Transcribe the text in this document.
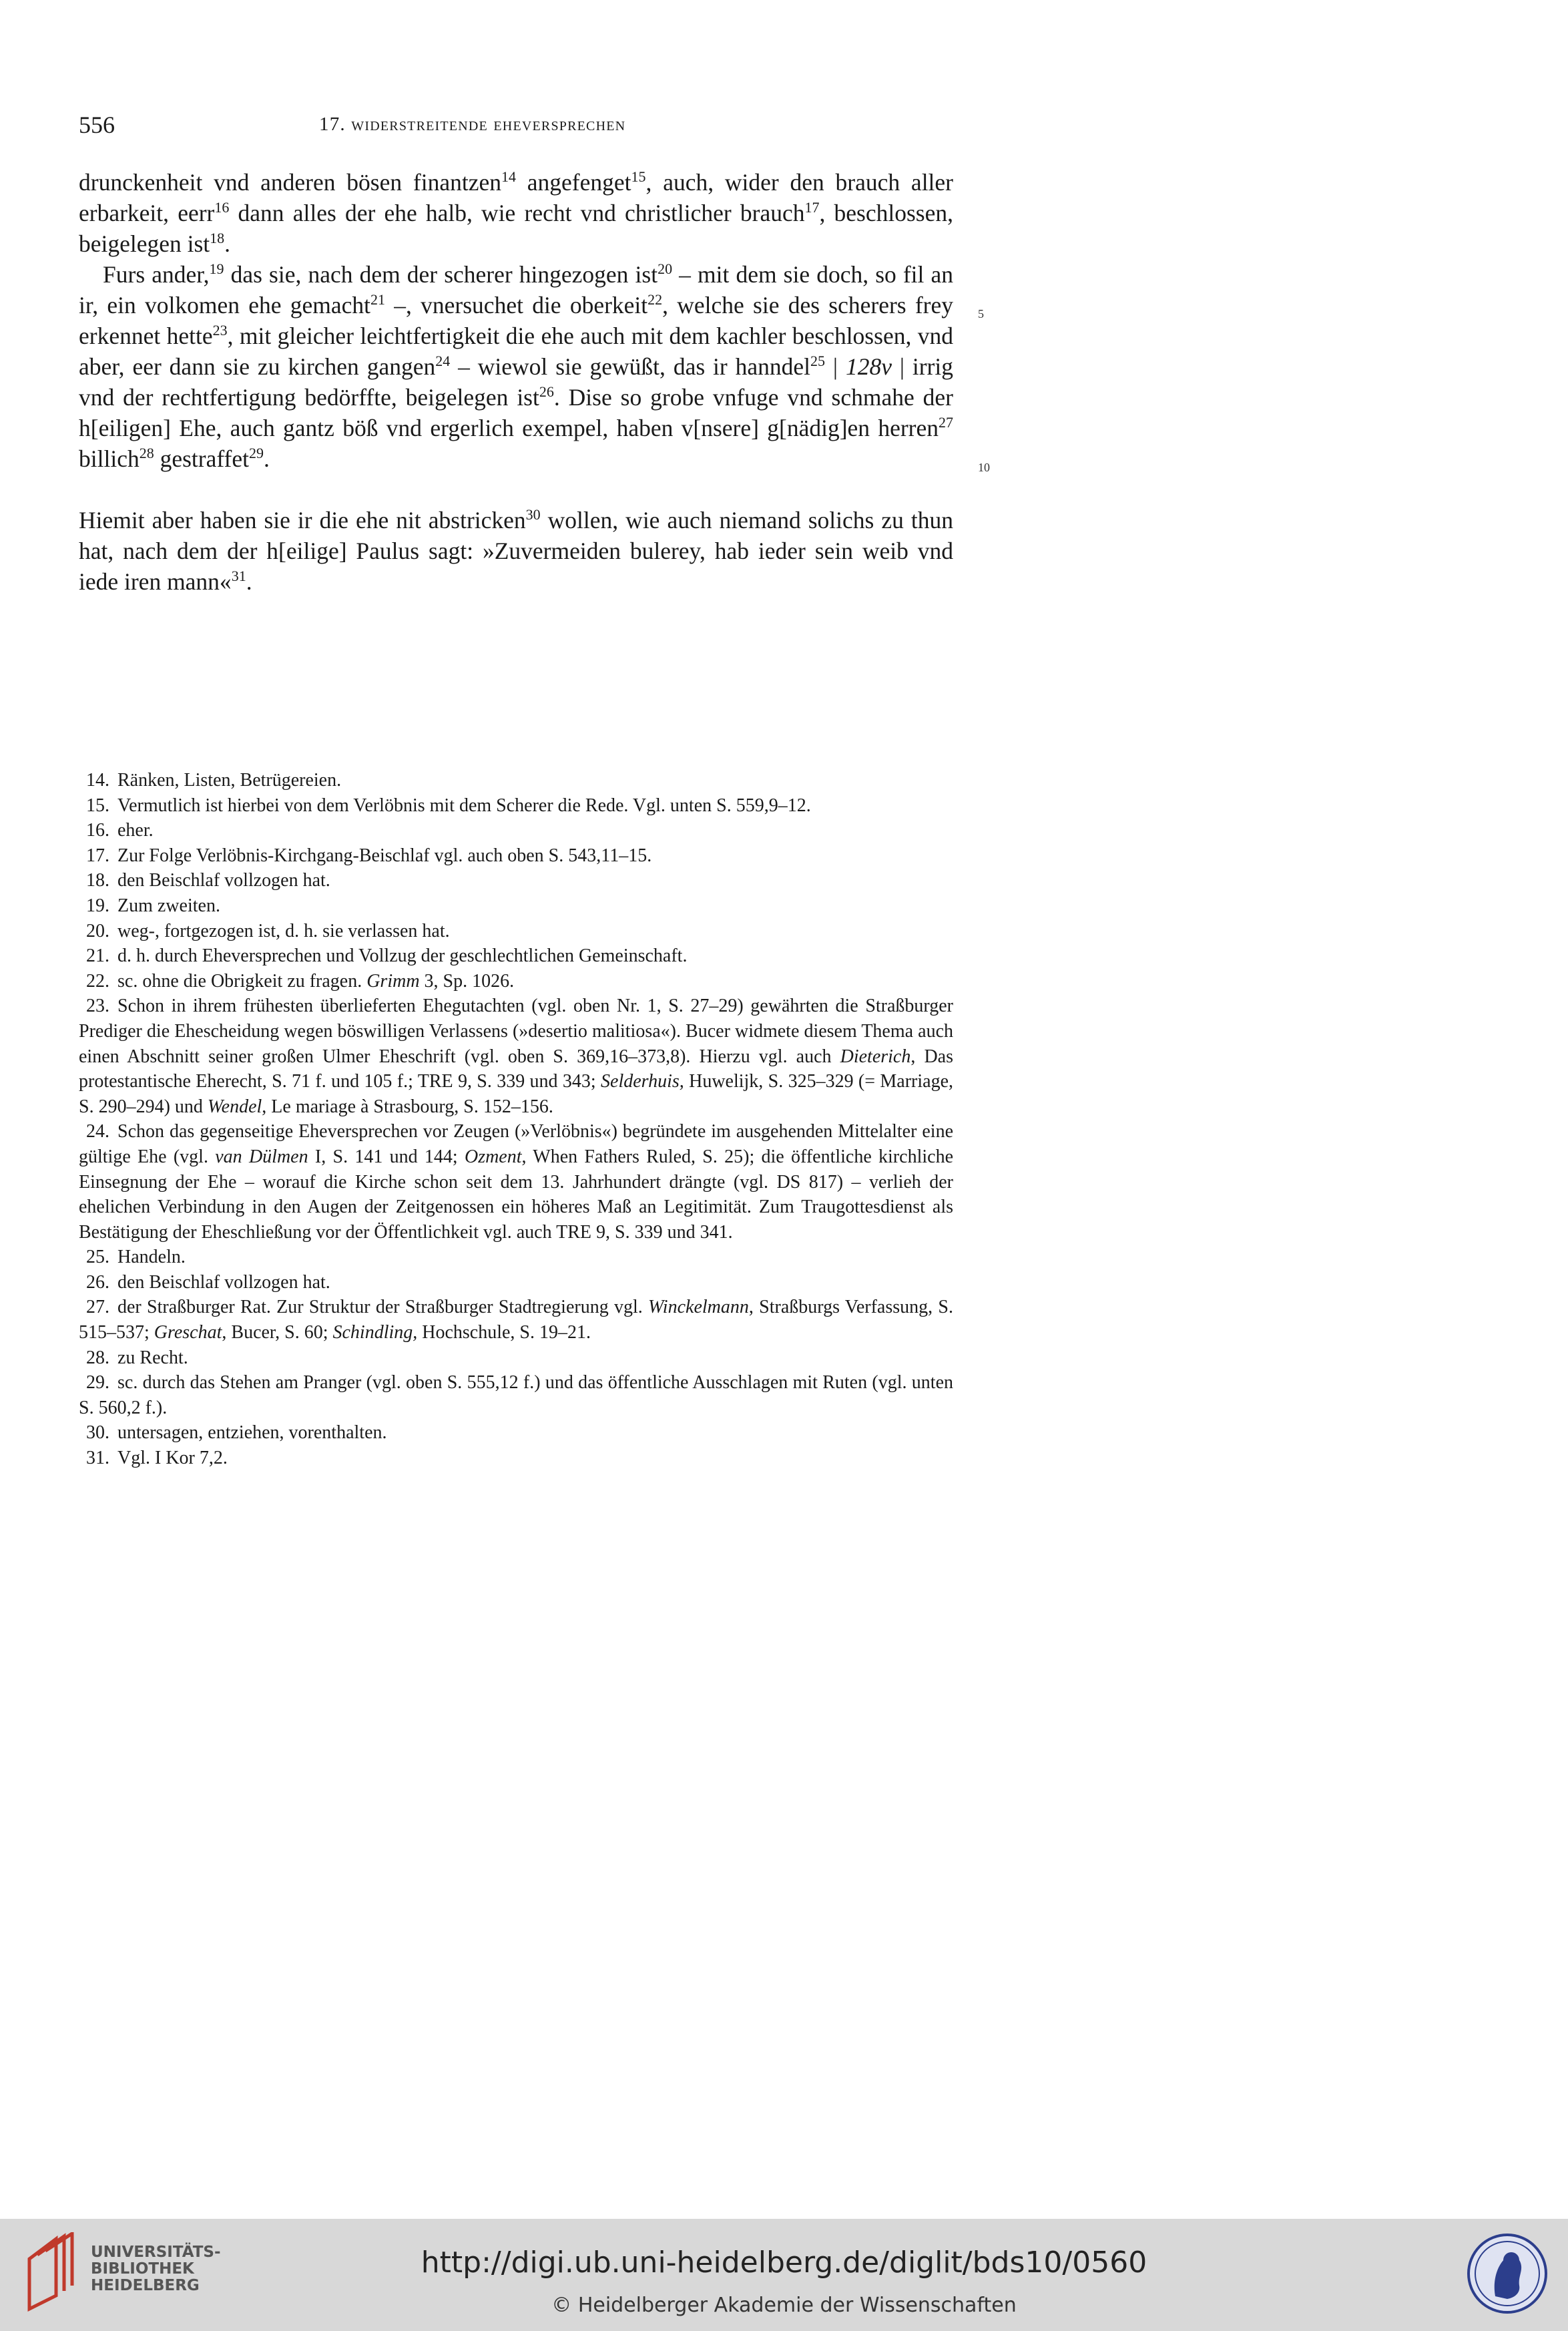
556	17. widerstreitende eheversprechen

drunckenheit vnd anderen bösen finantzen$^{14}$ angefenget$^{15}$, auch, wider den brauch aller erbarkeit, eerr$^{16}$ dann alles der ehe halb, wie recht vnd christlicher brauch$^{17}$, beschlossen, beigelegen ist$^{18}$.

Furs ander,$^{19}$ das sie, nach dem der scherer hingezogen ist$^{20}$ – mit dem sie doch, so fil an ir, ein volkomen ehe gemacht$^{21}$ –, vnersuchet die oberkeit$^{22}$, welche sie des scherers frey erkennet hette$^{23}$, mit gleicher leichtfertigkeit die ehe auch mit dem kachler beschlossen, vnd aber, eer dann sie zu kirchen gangen$^{24}$ – wiewol sie gewüßt, das ir hanndel$^{25}$ | 128v | irrig vnd der rechtfertigung bedörffte, beigelegen ist$^{26}$. Dise so grobe vnfuge vnd schmahe der h[eiligen] Ehe, auch gantz böß vnd ergerlich exempel, haben v[nsere] g[nädig]en herren$^{27}$ billich$^{28}$ gestraffet$^{29}$.

Hiemit aber haben sie ir die ehe nit abstricken$^{30}$ wollen, wie auch niemand solichs zu thun hat, nach dem der h[eilige] Paulus sagt: »Zuvermeiden bulerey, hab ieder sein weib vnd iede iren mann«$^{31}$.

5
10

14. Ränken, Listen, Betrügereien.

15. Vermutlich ist hierbei von dem Verlöbnis mit dem Scherer die Rede. Vgl. unten S. 559,9–12.

16. eher.

17. Zur Folge Verlöbnis-Kirchgang-Beischlaf vgl. auch oben S. 543,11–15.

18. den Beischlaf vollzogen hat.

19. Zum zweiten.

20. weg-, fortgezogen ist, d. h. sie verlassen hat.

21. d. h. durch Eheversprechen und Vollzug der geschlechtlichen Gemeinschaft.

22. sc. ohne die Obrigkeit zu fragen. Grimm 3, Sp. 1026.

23. Schon in ihrem frühesten überlieferten Ehegutachten (vgl. oben Nr. 1, S. 27–29) gewährten die Straßburger Prediger die Ehescheidung wegen böswilligen Verlassens (»desertio malitiosa«). Bucer widmete diesem Thema auch einen Abschnitt seiner großen Ulmer Eheschrift (vgl. oben S. 369,16–373,8). Hierzu vgl. auch Dieterich, Das protestantische Eherecht, S. 71 f. und 105 f.; TRE 9, S. 339 und 343; Selderhuis, Huwelijk, S. 325–329 (= Marriage, S. 290–294) und Wendel, Le mariage à Strasbourg, S. 152–156.

24. Schon das gegenseitige Eheversprechen vor Zeugen (»Verlöbnis«) begründete im ausgehenden Mittelalter eine gültige Ehe (vgl. van Dülmen I, S. 141 und 144; Ozment, When Fathers Ruled, S. 25); die öffentliche kirchliche Einsegnung der Ehe – worauf die Kirche schon seit dem 13. Jahrhundert drängte (vgl. DS 817) – verlieh der ehelichen Verbindung in den Augen der Zeitgenossen ein höheres Maß an Legitimität. Zum Traugottesdienst als Bestätigung der Eheschließung vor der Öffentlichkeit vgl. auch TRE 9, S. 339 und 341.

25. Handeln.

26. den Beischlaf vollzogen hat.

27. der Straßburger Rat. Zur Struktur der Straßburger Stadtregierung vgl. Winckelmann, Straßburgs Verfassung, S. 515–537; Greschat, Bucer, S. 60; Schindling, Hochschule, S. 19–21.

28. zu Recht.

29. sc. durch das Stehen am Pranger (vgl. oben S. 555,12 f.) und das öffentliche Ausschlagen mit Ruten (vgl. unten S. 560,2 f.).

30. untersagen, entziehen, vorenthalten.

31. Vgl. I Kor 7,2.

UNIVERSITÄTS-
BIBLIOTHEK
HEIDELBERG
http://digi.ub.uni-heidelberg.de/diglit/bds10/0560
© Heidelberger Akademie der Wissenschaften
